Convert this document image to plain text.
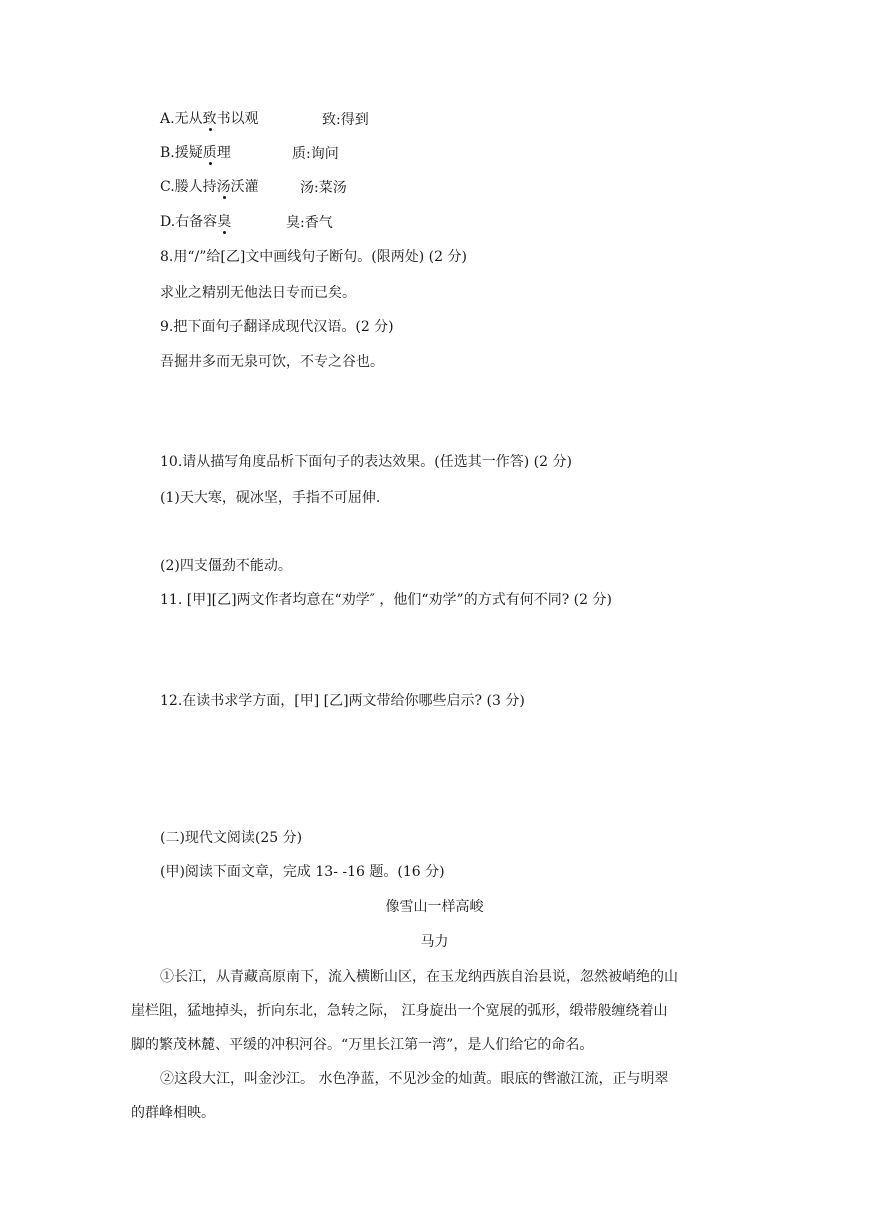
A.无从致书以观	致:得到
B.援疑质理	质:询问
C.媵人持汤沃灌	汤:菜汤
D.右备容臭	臭:香气
8.用“/”给[乙]文中画线句子断句。(限两处) (2 分)
求业之精别无他法日专而已矣。
9.把下面句子翻译成现代汉语。(2 分)
吾掘井多而无泉可饮，不专之谷也。
10.请从描写角度品析下面句子的表达效果。(任选其一作答) (2 分)
(1)天大寒，砚冰坚，手指不可屈伸.
(2)四支僵劲不能动。
11. [甲][乙]两文作者均意在“劝学″ ，他们“劝学”的方式有何不同? (2 分)
12.在读书求学方面，[甲] [乙]两文带给你哪些启示? (3 分)
(二)现代文阅读(25 分)
(甲)阅读下面文章，完成 13- -16 题。(16 分)
像雪山一样高峻
马力
①长江，从青藏高原南下，流入横断山区，在玉龙纳西族自治县说，忽然被峭绝的山
崖栏阻，猛地掉头，折向东北，急转之际， 江身旋出一个宽展的弧形，缎带般缠绕着山
脚的繁茂林麓、平缓的冲积河谷。“万里长江第一湾”，是人们给它的命名。
②这段大江，叫金沙江。 水色净蓝，不见沙金的灿黄。眼底的辔澈江流，正与明翠
的群峰相映。
